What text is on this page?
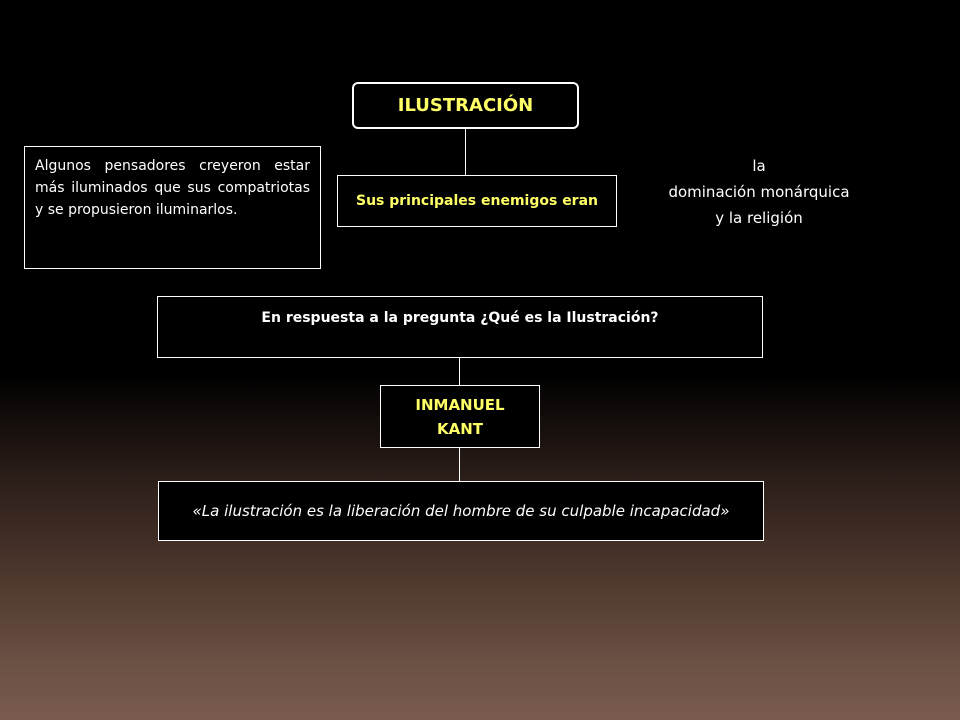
ILUSTRACIÓN
Algunos pensadores creyeron estar más iluminados que sus compatriotas y se propusieron iluminarlos.
Sus principales enemigos eran
la
dominación monárquica
y la religión
En respuesta a la pregunta ¿Qué es la Ilustración?
INMANUEL
KANT
«La ilustración es la liberación del hombre de su culpable incapacidad»
